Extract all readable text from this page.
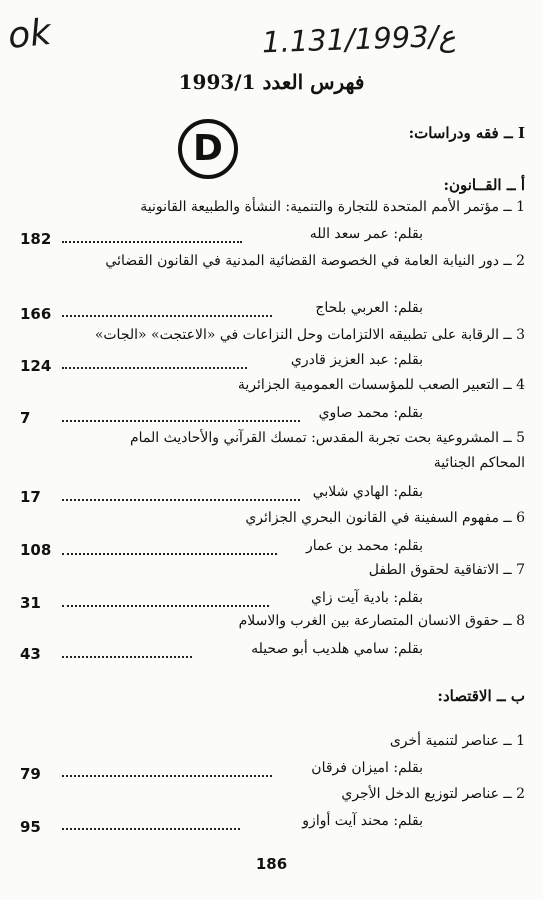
ok	1.ع/131/1993
فهرس العدد 1993/1
D	I ــ فقه ودراسات:
أ ــ القــانون:
1 ــ مؤتمر الأمم المتحدة للتجارة والتنمية: النشأة والطبيعة القانونية
بقلم: عمر سعد الله
182
2 ــ دور النيابة العامة في الخصوصة القضائية المدنية في القانون القضائي
بقلم: العربي بلحاج
166
3 ــ الرقابة على تطبيقه الالتزامات وحل النزاعات في «الاعتجت» «الجات»
بقلم: عبد العزيز قادري
124
4 ــ التعبير الصعب للمؤسسات العمومية الجزائرية
بقلم: محمد صاوي
7
5 ــ المشروعية بحت تجربة المقدس: تمسك القرآني والأحاديث المام
المحاكم الجنائية
بقلم: الهادي شلابي
17
6 ــ مفهوم السفينة في القانون البحري الجزائري
بقلم: محمد بن عمار
108
7 ــ الاتفاقية لحقوق الطفل
بقلم: بادية آيت زاي
31
8 ــ حقوق الانسان المتصارعة بين الغرب والاسلام
بقلم: سامي هلديب أبو صحيله
43
ب ــ الاقتصاد:
1 ــ عناصر لتنمية أخرى
بقلم: اميزان فرقان
79
2 ــ عناصر لتوزيع الدخل الأجري
بقلم: محند آيت أوازو
95
186
